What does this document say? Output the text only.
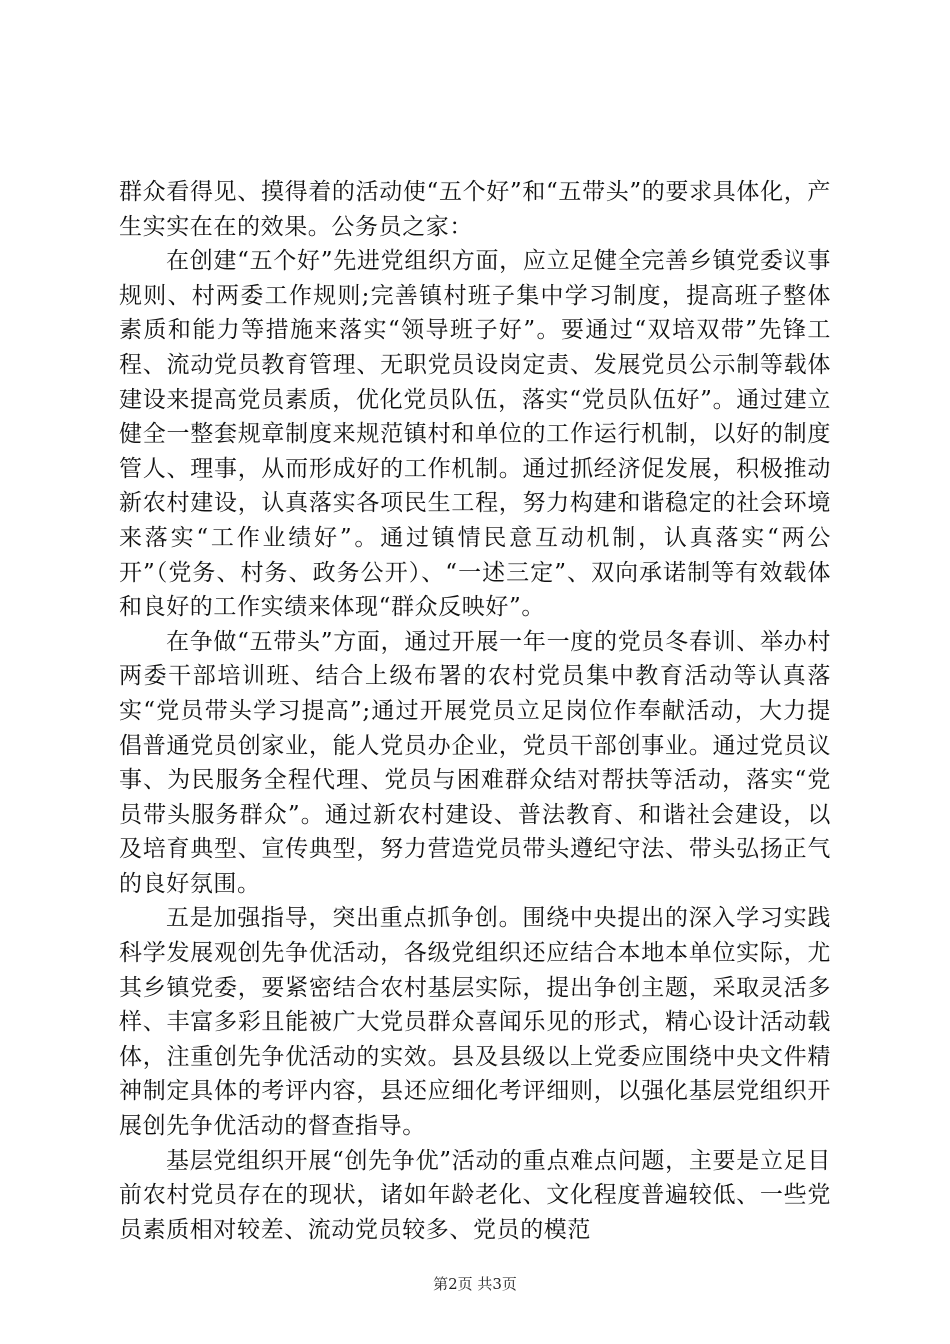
群众看得见、摸得着的活动使“五个好”和“五带头”的要求具体化，产生实实在在的效果。公务员之家：

在创建“五个好”先进党组织方面，应立足健全完善乡镇党委议事规则、村两委工作规则;完善镇村班子集中学习制度，提高班子整体素质和能力等措施来落实“领导班子好”。要通过“双培双带”先锋工程、流动党员教育管理、无职党员设岗定责、发展党员公示制等载体建设来提高党员素质，优化党员队伍，落实“党员队伍好”。通过建立健全一整套规章制度来规范镇村和单位的工作运行机制，以好的制度管人、理事，从而形成好的工作机制。通过抓经济促发展，积极推动新农村建设，认真落实各项民生工程，努力构建和谐稳定的社会环境来落实“工作业绩好”。通过镇情民意互动机制，认真落实“两公开”（党务、村务、政务公开）、“一述三定”、双向承诺制等有效载体和良好的工作实绩来体现“群众反映好”。

在争做“五带头”方面，通过开展一年一度的党员冬春训、举办村两委干部培训班、结合上级布署的农村党员集中教育活动等认真落实“党员带头学习提高”;通过开展党员立足岗位作奉献活动，大力提倡普通党员创家业，能人党员办企业，党员干部创事业。通过党员议事、为民服务全程代理、党员与困难群众结对帮扶等活动，落实“党员带头服务群众”。通过新农村建设、普法教育、和谐社会建设，以及培育典型、宣传典型，努力营造党员带头遵纪守法、带头弘扬正气的良好氛围。

五是加强指导，突出重点抓争创。围绕中央提出的深入学习实践科学发展观创先争优活动，各级党组织还应结合本地本单位实际，尤其乡镇党委，要紧密结合农村基层实际，提出争创主题，采取灵活多样、丰富多彩且能被广大党员群众喜闻乐见的形式，精心设计活动载体，注重创先争优活动的实效。县及县级以上党委应围绕中央文件精神制定具体的考评内容，县还应细化考评细则，以强化基层党组织开展创先争优活动的督查指导。

基层党组织开展“创先争优”活动的重点难点问题，主要是立足目前农村党员存在的现状，诸如年龄老化、文化程度普遍较低、一些党员素质相对较差、流动党员较多、党员的模范

第2页 共3页
